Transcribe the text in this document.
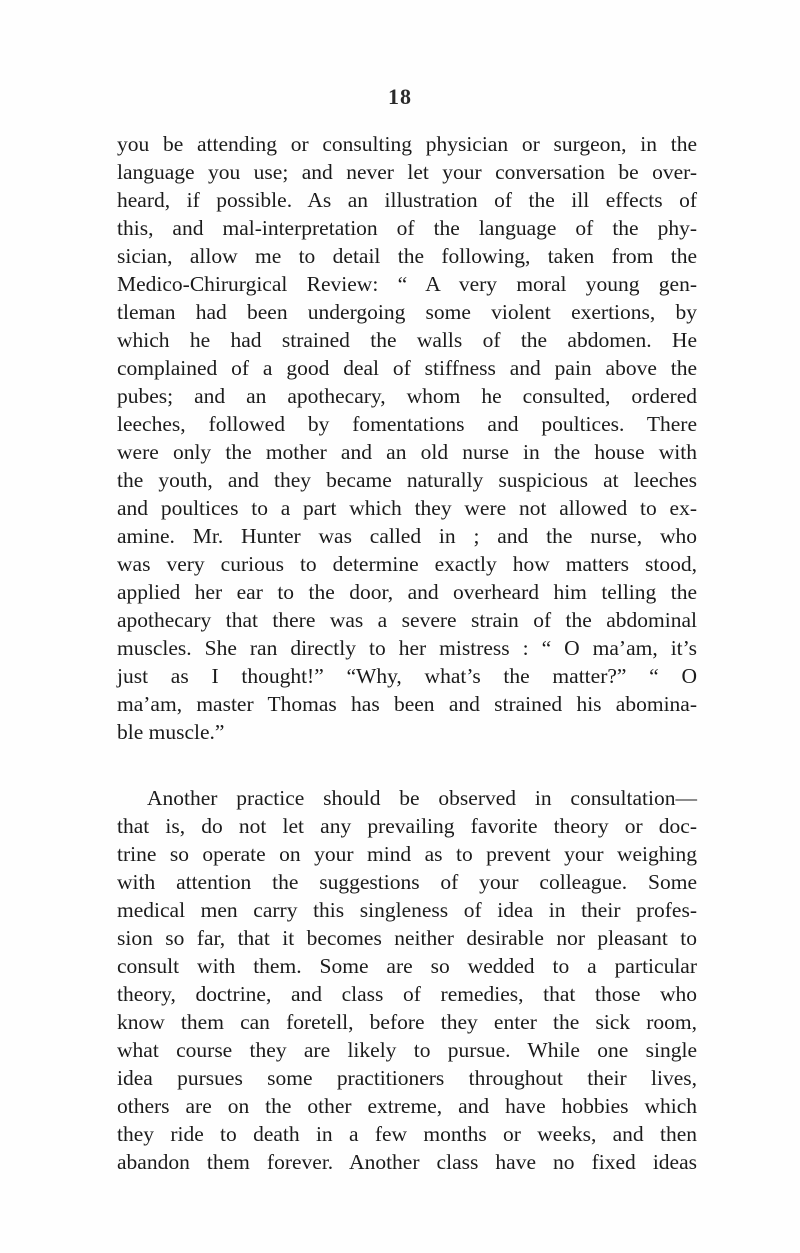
18
you be attending or consulting physician or surgeon, in the
language you use; and never let your conversation be over-
heard, if possible. As an illustration of the ill effects of
this, and mal-interpretation of the language of the phy-
sician, allow me to detail the following, taken from the
Medico-Chirurgical Review: “ A very moral young gen-
tleman had been undergoing some violent exertions, by
which he had strained the walls of the abdomen. He
complained of a good deal of stiffness and pain above the
pubes; and an apothecary, whom he consulted, ordered
leeches, followed by fomentations and poultices. There
were only the mother and an old nurse in the house with
the youth, and they became naturally suspicious at leeches
and poultices to a part which they were not allowed to ex-
amine. Mr. Hunter was called in ; and the nurse, who
was very curious to determine exactly how matters stood,
applied her ear to the door, and overheard him telling the
apothecary that there was a severe strain of the abdominal
muscles. She ran directly to her mistress : “ O ma’am, it’s
just as I thought!” “Why, what’s the matter?” “ O
ma’am, master Thomas has been and strained his abomina-
ble muscle.”
Another practice should be observed in consultation—
that is, do not let any prevailing favorite theory or doc-
trine so operate on your mind as to prevent your weighing
with attention the suggestions of your colleague. Some
medical men carry this singleness of idea in their profes-
sion so far, that it becomes neither desirable nor pleasant to
consult with them. Some are so wedded to a particular
theory, doctrine, and class of remedies, that those who
know them can foretell, before they enter the sick room,
what course they are likely to pursue. While one single
idea pursues some practitioners throughout their lives,
others are on the other extreme, and have hobbies which
they ride to death in a few months or weeks, and then
abandon them forever. Another class have no fixed ideas
